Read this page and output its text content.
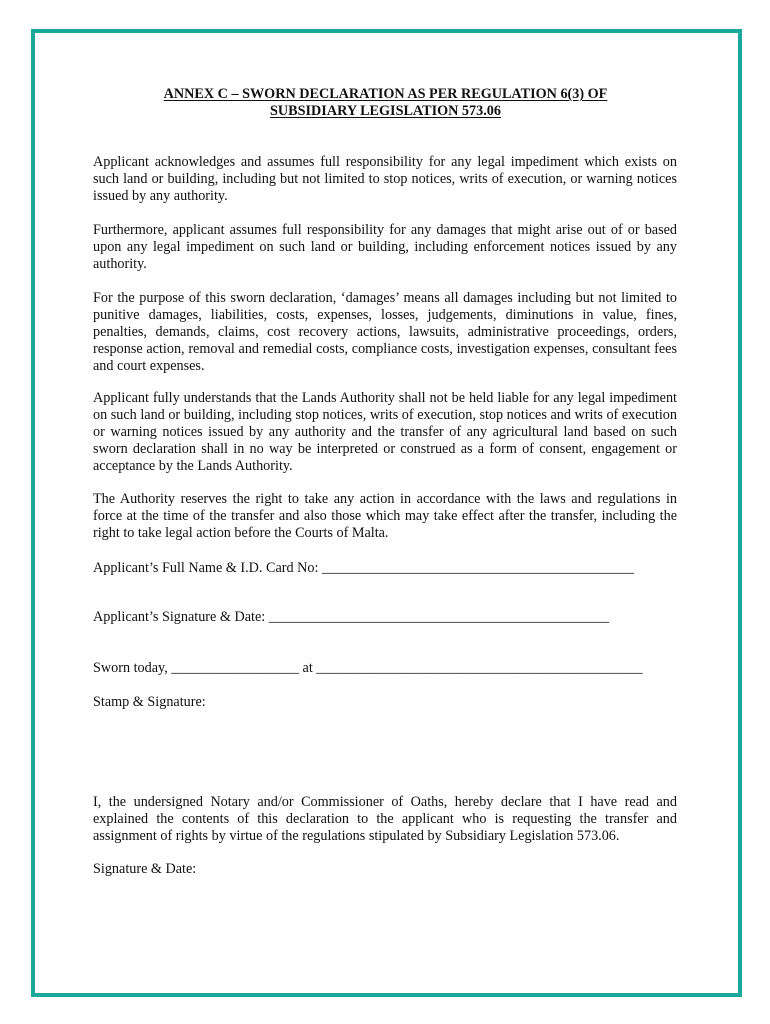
ANNEX C – SWORN DECLARATION AS PER REGULATION 6(3) OF
SUBSIDIARY LEGISLATION 573.06

Applicant acknowledges and assumes full responsibility for any legal impediment which exists on such land or building, including but not limited to stop notices, writs of execution, or warning notices issued by any authority.

Furthermore, applicant assumes full responsibility for any damages that might arise out of or based upon any legal impediment on such land or building, including enforcement notices issued by any authority.

For the purpose of this sworn declaration, ‘damages’ means all damages including but not limited to punitive damages, liabilities, costs, expenses, losses, judgements, diminutions in value, fines, penalties, demands, claims, cost recovery actions, lawsuits, administrative proceedings, orders, response action, removal and remedial costs, compliance costs, investigation expenses, consultant fees and court expenses.

Applicant fully understands that the Lands Authority shall not be held liable for any legal impediment on such land or building, including stop notices, writs of execution, stop notices and writs of execution or warning notices issued by any authority and the transfer of any agricultural land based on such sworn declaration shall in no way be interpreted or construed as a form of consent, engagement or acceptance by the Lands Authority.

The Authority reserves the right to take any action in accordance with the laws and regulations in force at the time of the transfer and also those which may take effect after the transfer, including the right to take legal action before the Courts of Malta.

Applicant’s Full Name & I.D. Card No: ____________________________________________

Applicant’s Signature & Date: ________________________________________________

Sworn today, __________________ at ______________________________________________

Stamp & Signature:

I, the undersigned Notary and/or Commissioner of Oaths, hereby declare that I have read and explained the contents of this declaration to the applicant who is requesting the transfer and assignment of rights by virtue of the regulations stipulated by Subsidiary Legislation 573.06.

Signature & Date:
